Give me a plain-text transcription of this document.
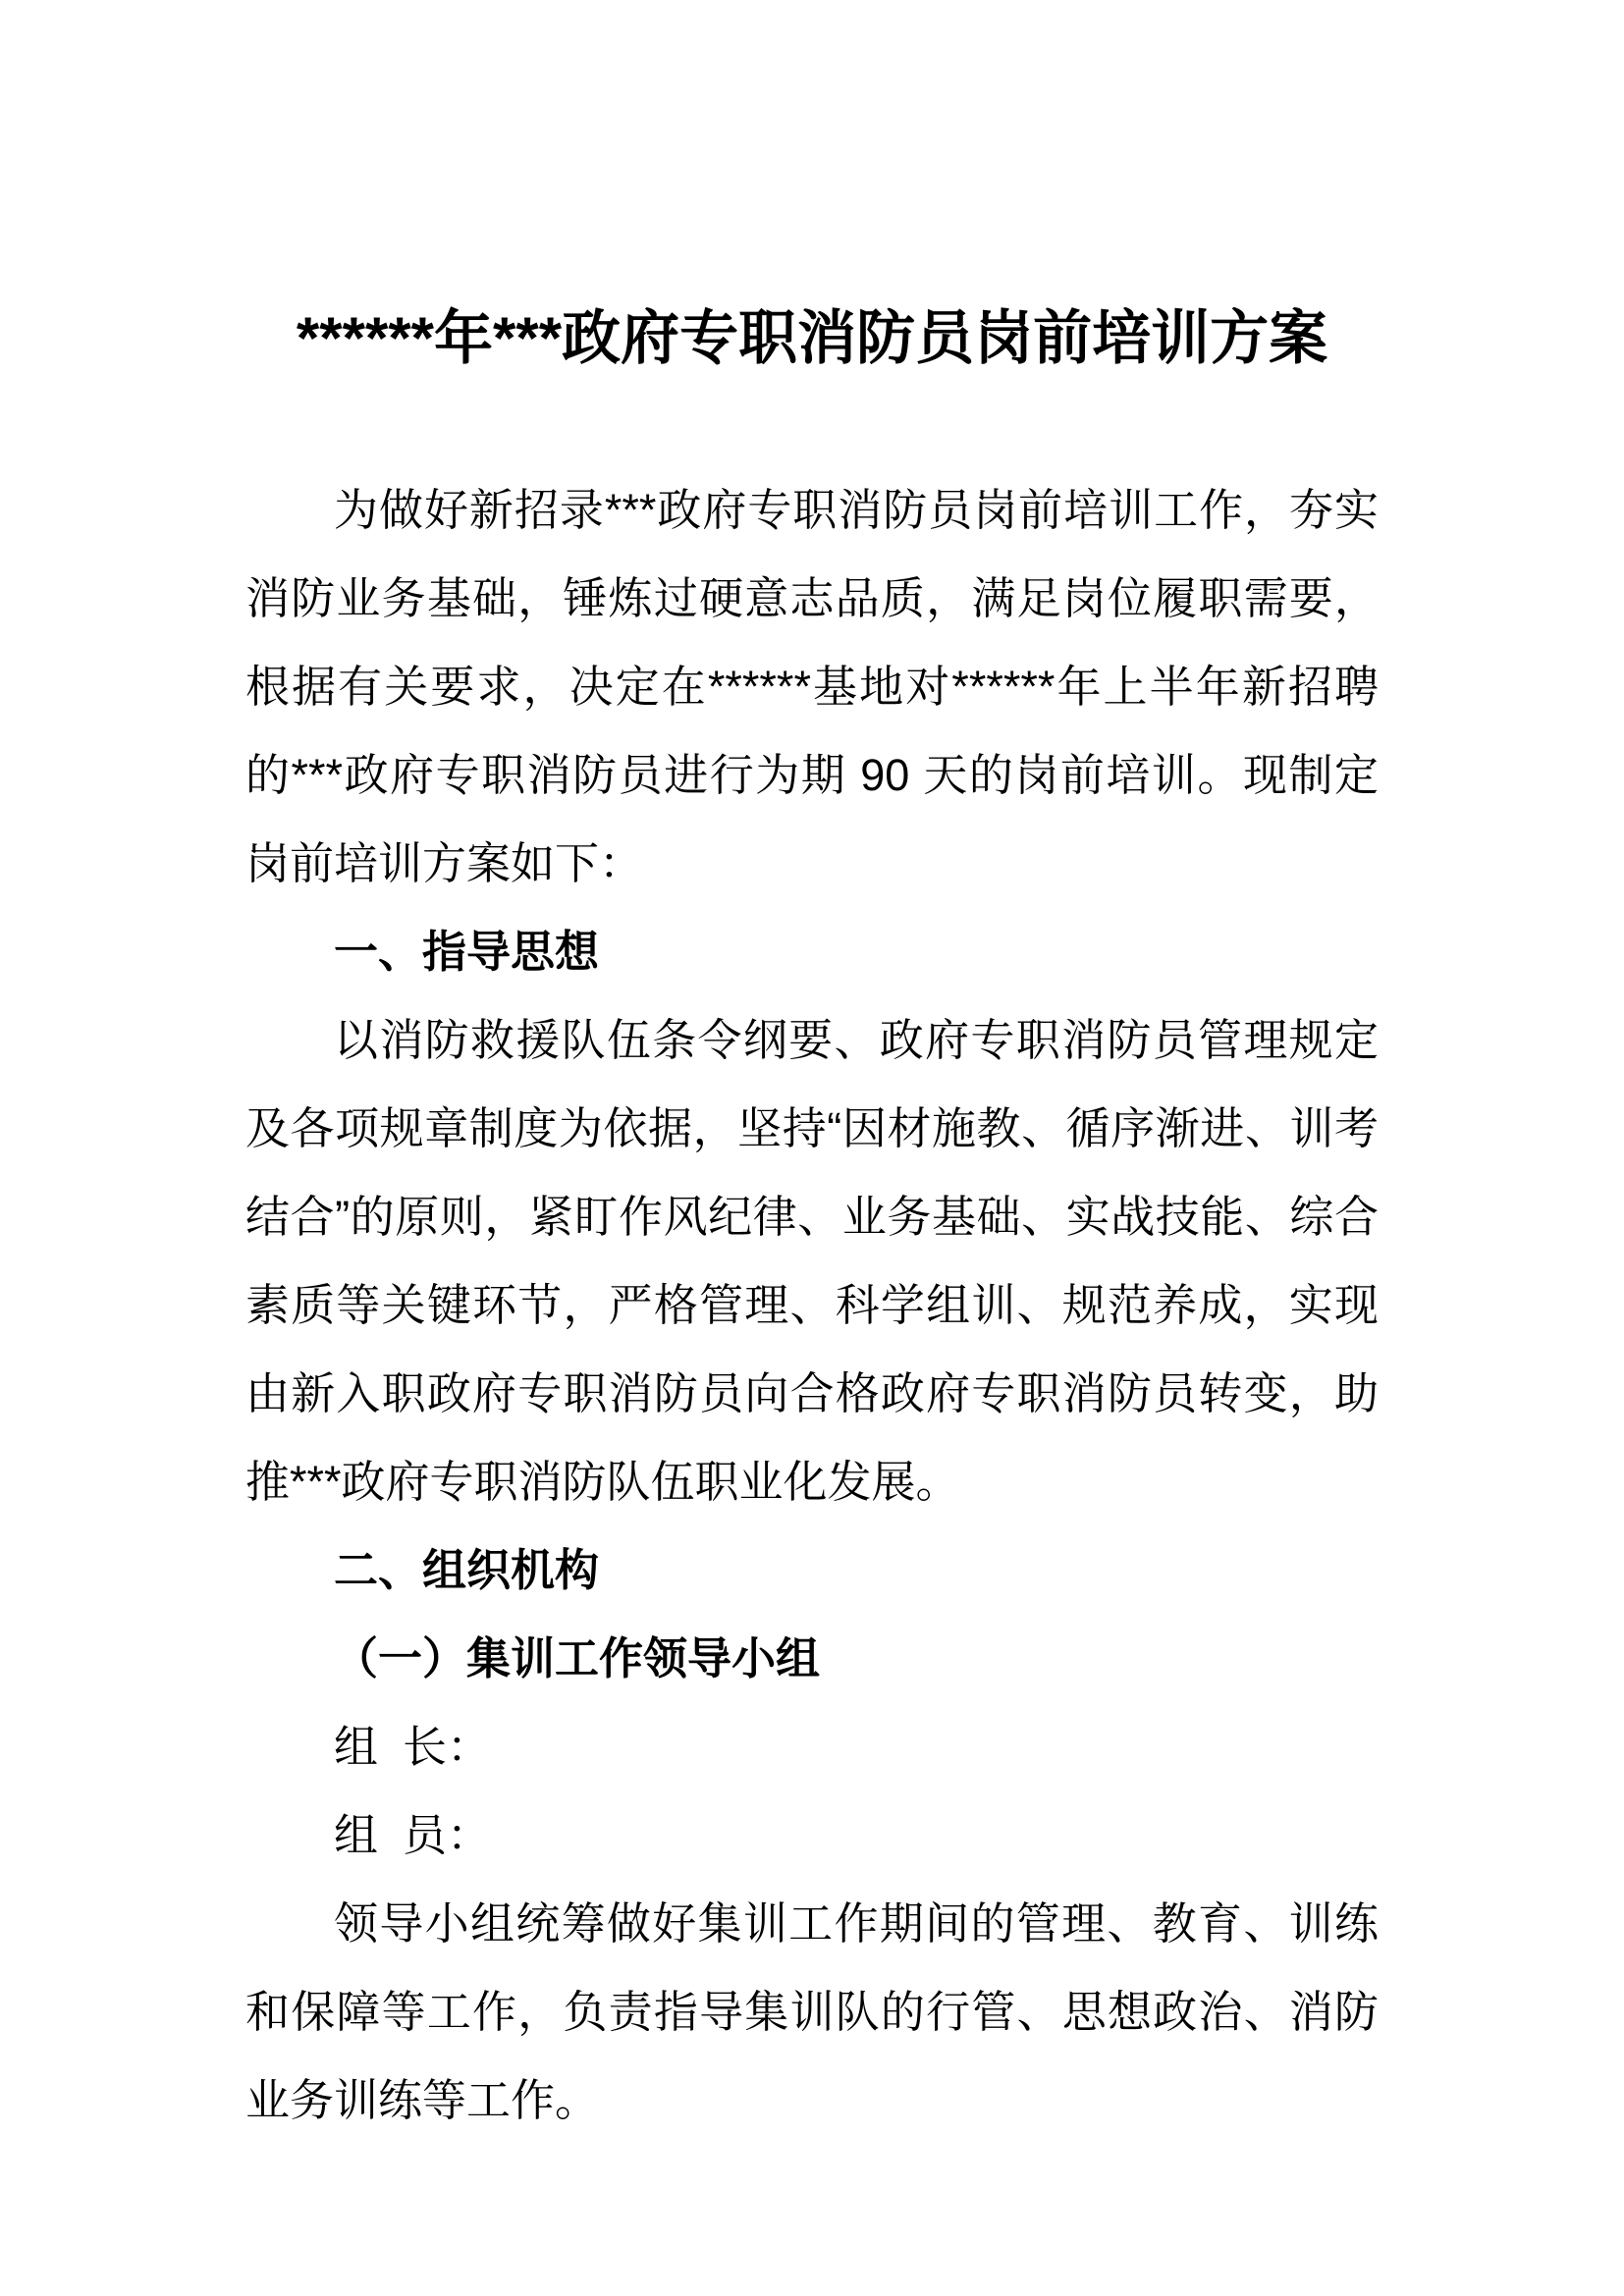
******年***政府专职消防员岗前培训方案

为做好新招录***政府专职消防员岗前培训工作，夯实消防业务基础，锤炼过硬意志品质，满足岗位履职需要，根据有关要求，决定在******基地对******年上半年新招聘的***政府专职消防员进行为期 90 天的岗前培训。现制定岗前培训方案如下：

一、指导思想

以消防救援队伍条令纲要、政府专职消防员管理规定及各项规章制度为依据，坚持“因材施教、循序渐进、训考结合”的原则，紧盯作风纪律、业务基础、实战技能、综合素质等关键环节，严格管理、科学组训、规范养成，实现由新入职政府专职消防员向合格政府专职消防员转变，助推***政府专职消防队伍职业化发展。

二、组织机构

（一）集训工作领导小组

组  长：

组  员：

领导小组统筹做好集训工作期间的管理、教育、训练和保障等工作，负责指导集训队的行管、思想政治、消防业务训练等工作。
